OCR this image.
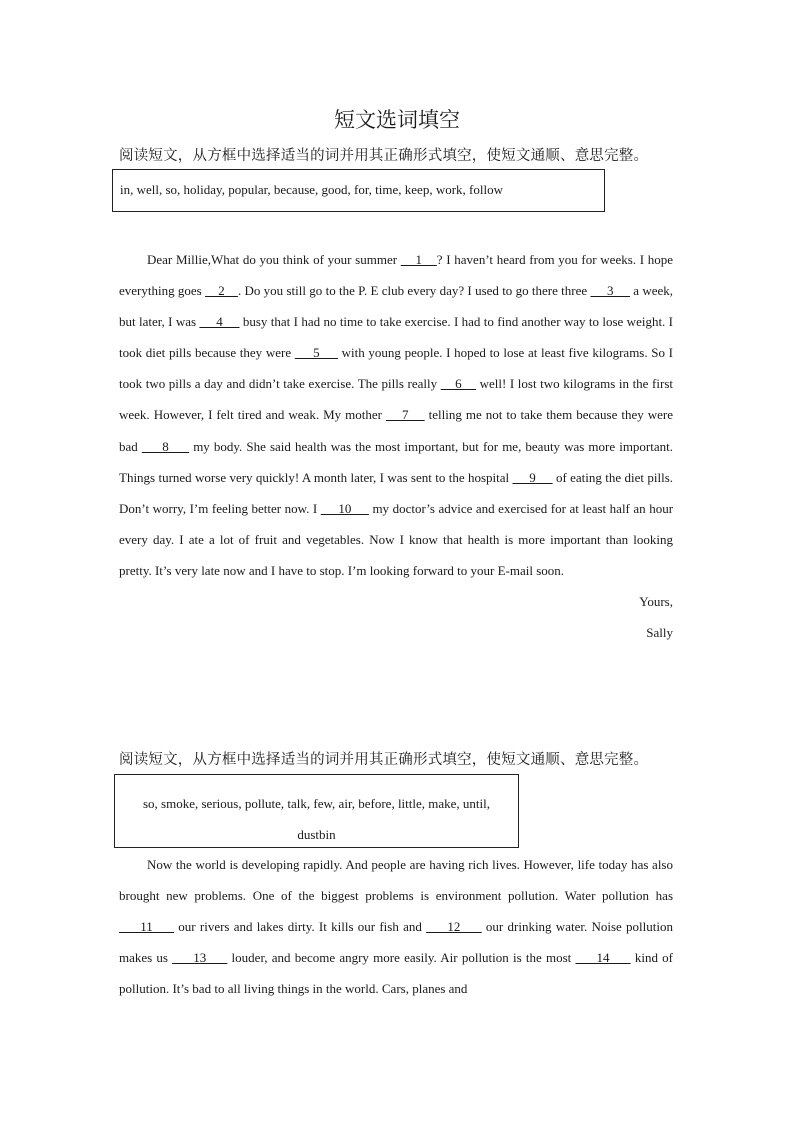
短文选词填空
阅读短文，从方框中选择适当的词并用其正确形式填空，使短文通顺、意思完整。
in, well, so, holiday, popular, because, good, for, time, keep, work, follow

Dear Millie,What do you think of your summer     1    ? I haven’t heard from you for weeks. I hope everything goes     2    . Do you still go to the P. E club every day? I used to go there three      3      a week, but later, I was      4      busy that I had no time to take exercise. I had to find another way to lose weight. I took diet pills because they were      5      with young people. I hoped to lose at least five kilograms. So I took two pills a day and didn’t take exercise. The pills really     6     well! I lost two kilograms in the first week. However, I felt tired and weak. My mother     7     telling me not to take them because they were bad      8      my body. She said health was the most important, but for me, beauty was more important. Things turned worse very quickly! A month later, I was sent to the hospital      9      of eating the diet pills. Don’t worry, I’m feeling better now. I      10      my doctor’s advice and exercised for at least half an hour every day. I ate a lot of fruit and vegetables. Now I know that health is more important than looking pretty. It’s very late now and I have to stop. I’m looking forward to your E-mail soon.

Yours,
Sally
阅读短文，从方框中选择适当的词并用其正确形式填空，使短文通顺、意思完整。
so, smoke, serious, pollute, talk, few, air, before, little, make, until, dustbin

Now the world is developing rapidly. And people are having rich lives. However, life today has also brought new problems. One of the biggest problems is environment pollution. Water pollution has      11      our rivers and lakes dirty. It kills our fish and      12      our drinking water. Noise pollution makes us      13      louder, and become angry more easily. Air pollution is the most      14      kind of pollution. It’s bad to all living things in the world. Cars, planes and
